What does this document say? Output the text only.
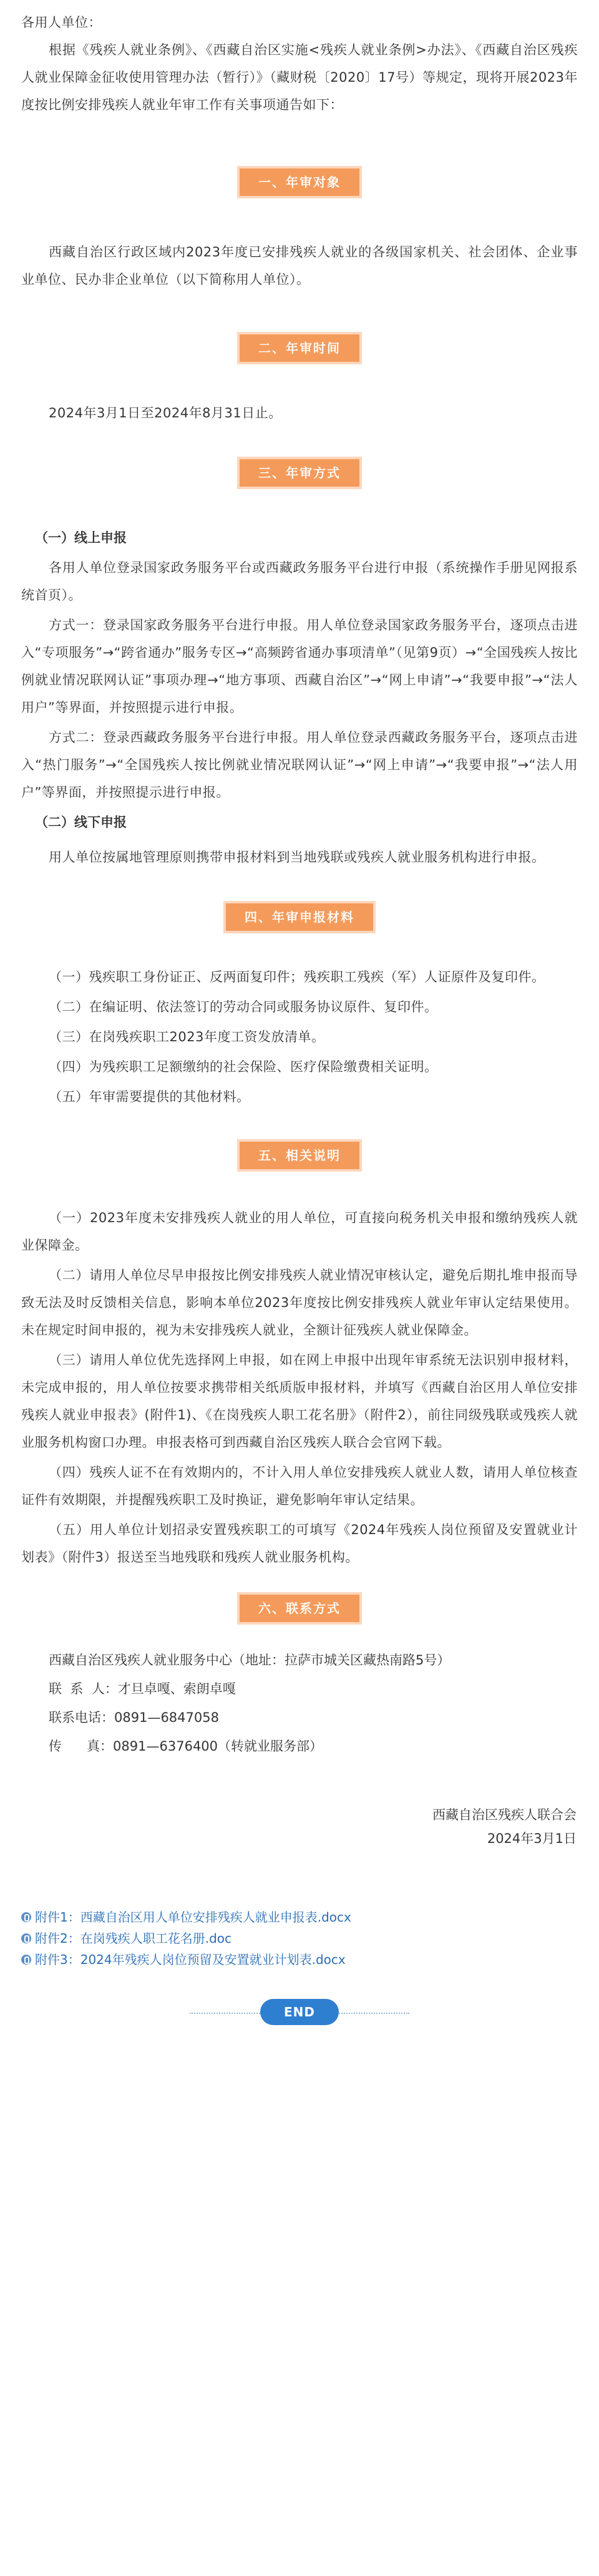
各用人单位：

根据《残疾人就业条例》、《西藏自治区实施<残疾人就业条例>办法》、《西藏自治区残疾人就业保障金征收使用管理办法（暂行）》（藏财税〔2020〕17号）等规定，现将开展2023年度按比例安排残疾人就业年审工作有关事项通告如下：

一、年审对象

西藏自治区行政区域内2023年度已安排残疾人就业的各级国家机关、社会团体、企业事业单位、民办非企业单位（以下简称用人单位）。

二、年审时间

2024年3月1日至2024年8月31日止。

三、年审方式

（一）线上申报

各用人单位登录国家政务服务平台或西藏政务服务平台进行申报（系统操作手册见网报系统首页）。

方式一：登录国家政务服务平台进行申报。用人单位登录国家政务服务平台，逐项点击进入“专项服务”→“跨省通办”服务专区→“高频跨省通办事项清单”（见第9页）→“全国残疾人按比例就业情况联网认证”事项办理→“地方事项、西藏自治区”→“网上申请”→“我要申报”→“法人用户”等界面，并按照提示进行申报。

方式二：登录西藏政务服务平台进行申报。用人单位登录西藏政务服务平台，逐项点击进入“热门服务”→“全国残疾人按比例就业情况联网认证”→“网上申请”→“我要申报”→“法人用户”等界面，并按照提示进行申报。

（二）线下申报

用人单位按属地管理原则携带申报材料到当地残联或残疾人就业服务机构进行申报。

四、年审申报材料

（一）残疾职工身份证正、反两面复印件；残疾职工残疾（军）人证原件及复印件。

（二）在编证明、依法签订的劳动合同或服务协议原件、复印件。

（三）在岗残疾职工2023年度工资发放清单。

（四）为残疾职工足额缴纳的社会保险、医疗保险缴费相关证明。

（五）年审需要提供的其他材料。

五、相关说明

（一）2023年度未安排残疾人就业的用人单位，可直接向税务机关申报和缴纳残疾人就业保障金。

（二）请用人单位尽早申报按比例安排残疾人就业情况审核认定，避免后期扎堆申报而导致无法及时反馈相关信息，影响本单位2023年度按比例安排残疾人就业年审认定结果使用。未在规定时间申报的，视为未安排残疾人就业，全额计征残疾人就业保障金。

（三）请用人单位优先选择网上申报，如在网上申报中出现年审系统无法识别申报材料，未完成申报的，用人单位按要求携带相关纸质版申报材料，并填写《西藏自治区用人单位安排残疾人就业申报表》(附件1)、《在岗残疾人职工花名册》（附件2），前往同级残联或残疾人就业服务机构窗口办理。申报表格可到西藏自治区残疾人联合会官网下载。

（四）残疾人证不在有效期内的，不计入用人单位安排残疾人就业人数，请用人单位核查证件有效期限，并提醒残疾职工及时换证，避免影响年审认定结果。

（五）用人单位计划招录安置残疾职工的可填写《2024年残疾人岗位预留及安置就业计划表》（附件3）报送至当地残联和残疾人就业服务机构。

六、联系方式

西藏自治区残疾人就业服务中心（地址：拉萨市城关区藏热南路5号）

联  系  人：才旦卓嘎、索朗卓嘎

联系电话：0891—6847058

传      真：0891—6376400（转就业服务部）

西藏自治区残疾人联合会

2024年3月1日

附件1：西藏自治区用人单位安排残疾人就业申报表.docx
附件2：在岗残疾人职工花名册.doc
附件3：2024年残疾人岗位预留及安置就业计划表.docx
END
